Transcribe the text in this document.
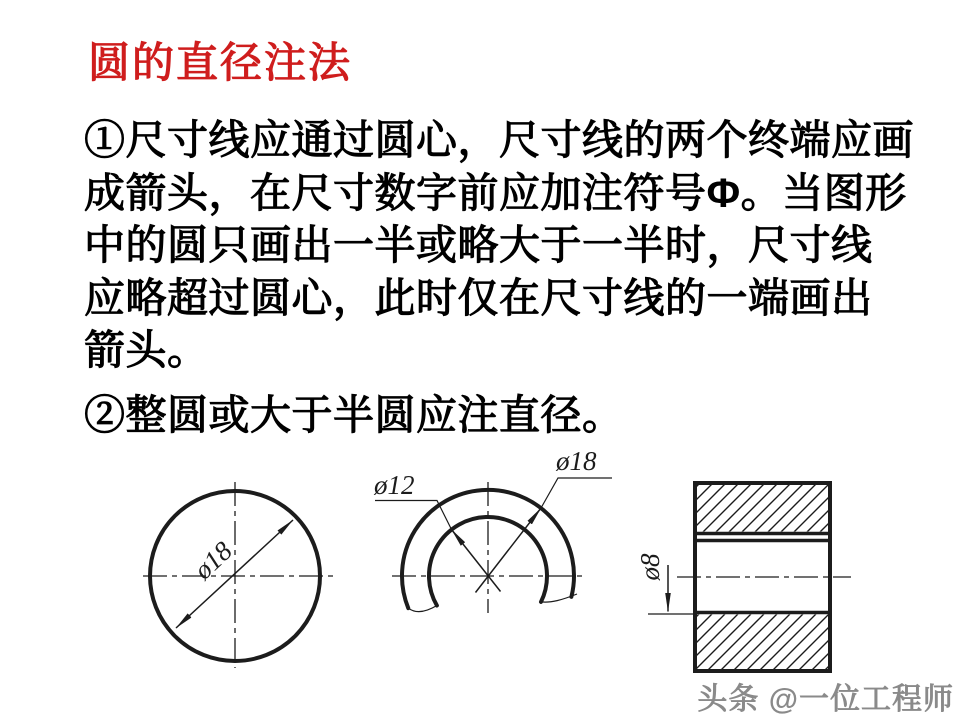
圆的直径注法
①尺寸线应通过圆心，尺寸线的两个终端应画
成箭头，在尺寸数字前应加注符号Φ。当图形
中的圆只画出一半或略大于一半时，尺寸线
应略超过圆心，此时仅在尺寸线的一端画出
箭头。
②整圆或大于半圆应注直径。
ø18
ø12
ø18
ø8
头条 @一位工程师
